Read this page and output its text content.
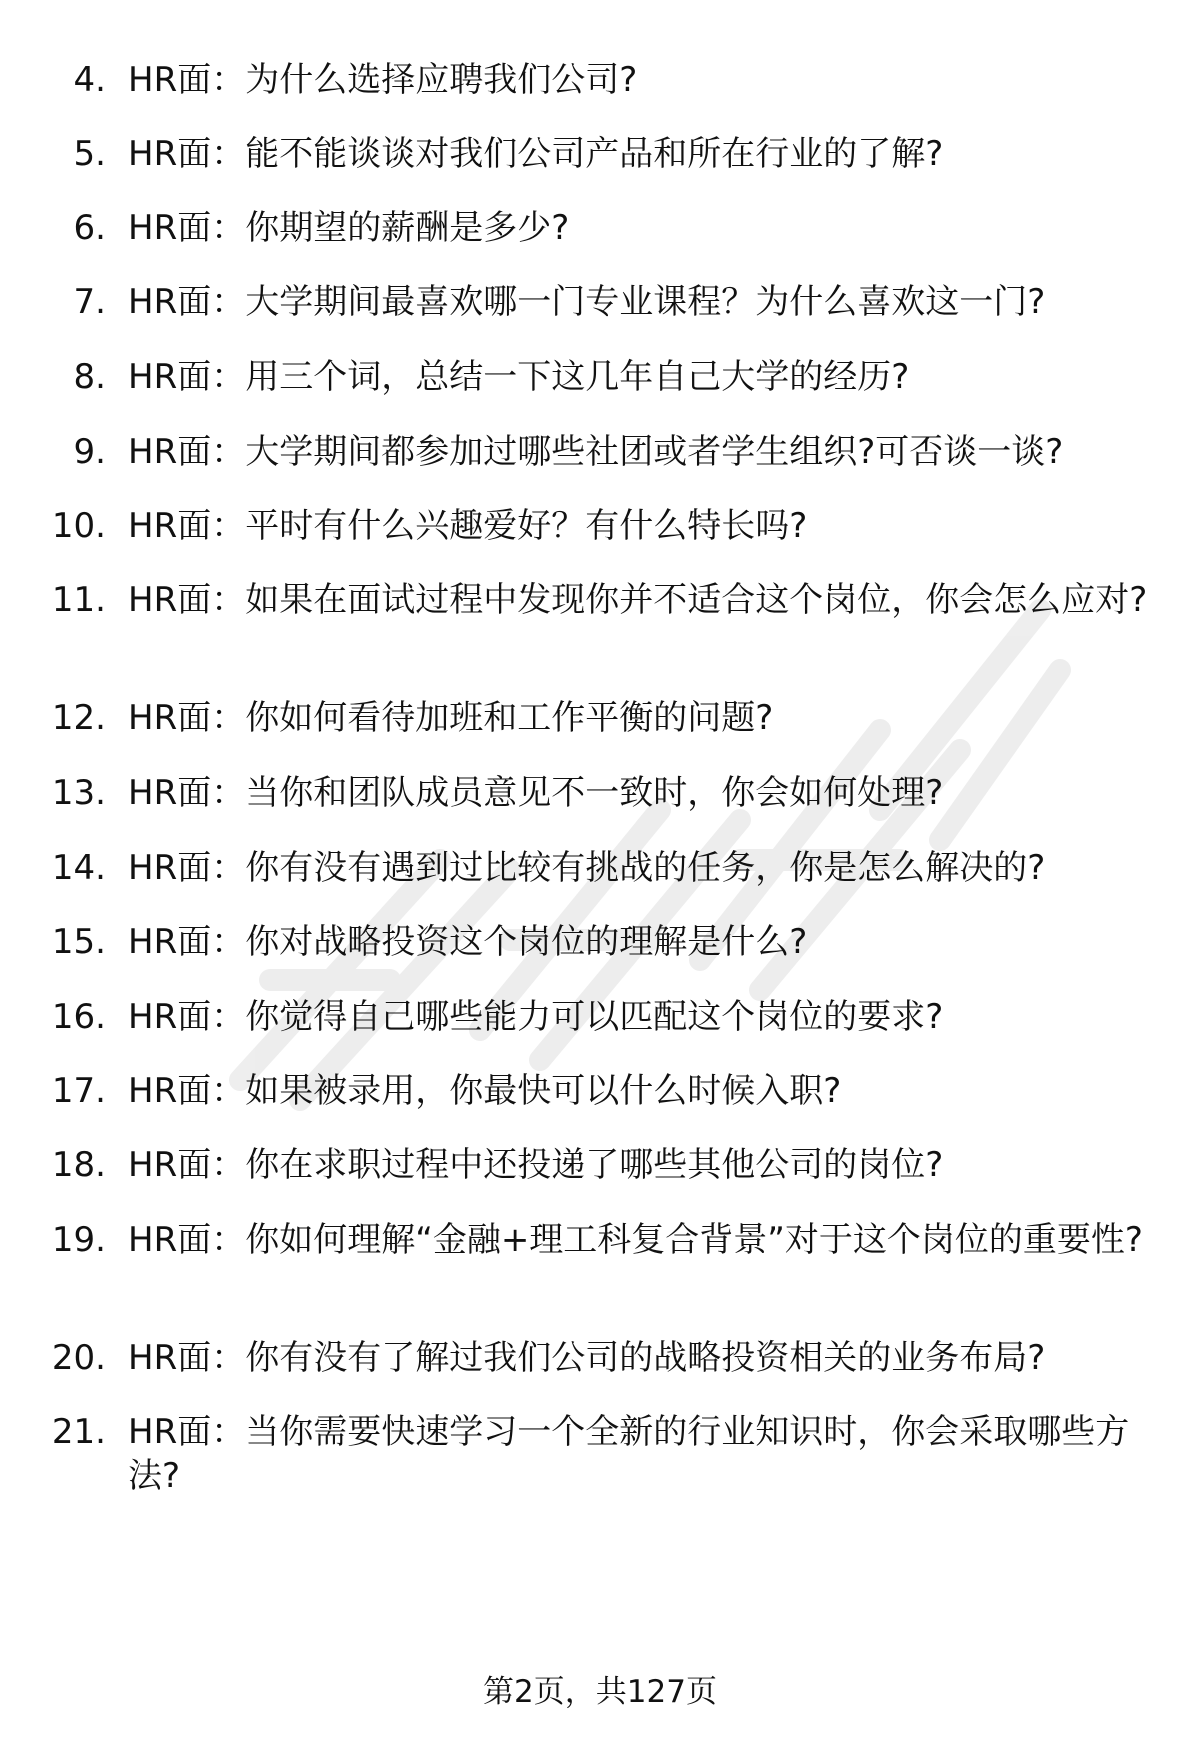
4. HR面：为什么选择应聘我们公司?
5. HR面：能不能谈谈对我们公司产品和所在行业的了解?
6. HR面：你期望的薪酬是多少?
7. HR面：大学期间最喜欢哪一门专业课程？为什么喜欢这一门?
8. HR面：用三个词，总结一下这几年自己大学的经历?
9. HR面：大学期间都参加过哪些社团或者学生组织?可否谈一谈?
10. HR面：平时有什么兴趣爱好？有什么特长吗?
11. HR面：如果在面试过程中发现你并不适合这个岗位，你会怎么应对?
12. HR面：你如何看待加班和工作平衡的问题?
13. HR面：当你和团队成员意见不一致时，你会如何处理?
14. HR面：你有没有遇到过比较有挑战的任务，你是怎么解决的?
15. HR面：你对战略投资这个岗位的理解是什么?
16. HR面：你觉得自己哪些能力可以匹配这个岗位的要求?
17. HR面：如果被录用，你最快可以什么时候入职?
18. HR面：你在求职过程中还投递了哪些其他公司的岗位?
19. HR面：你如何理解“金融+理工科复合背景”对于这个岗位的重要性?
20. HR面：你有没有了解过我们公司的战略投资相关的业务布局?
21. HR面：当你需要快速学习一个全新的行业知识时，你会采取哪些方法?
第2页，共127页
